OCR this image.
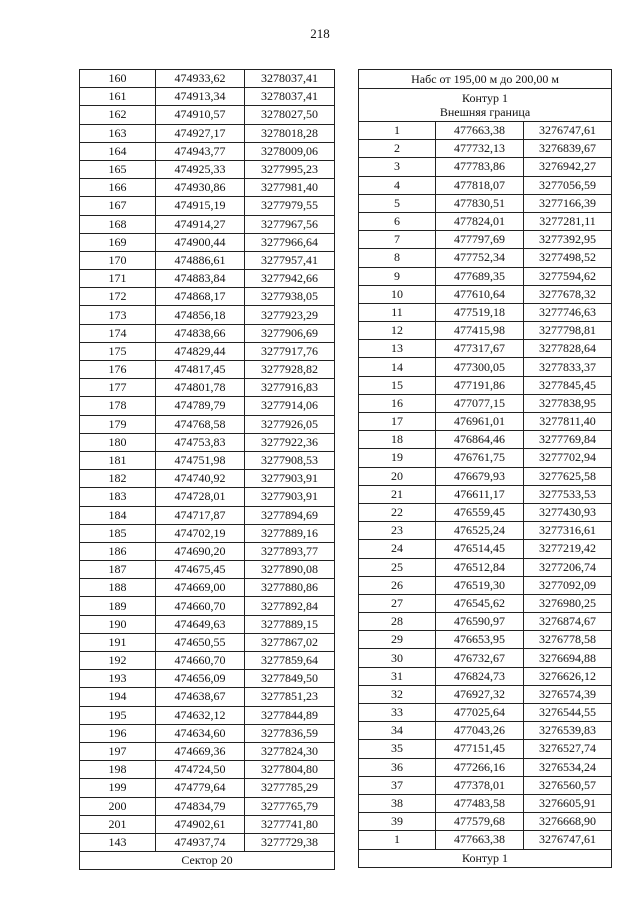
218
160	474933,62	3278037,41
161	474913,34	3278037,41
162	474910,57	3278027,50
163	474927,17	3278018,28
164	474943,77	3278009,06
165	474925,33	3277995,23
166	474930,86	3277981,40
167	474915,19	3277979,55
168	474914,27	3277967,56
169	474900,44	3277966,64
170	474886,61	3277957,41
171	474883,84	3277942,66
172	474868,17	3277938,05
173	474856,18	3277923,29
174	474838,66	3277906,69
175	474829,44	3277917,76
176	474817,45	3277928,82
177	474801,78	3277916,83
178	474789,79	3277914,06
179	474768,58	3277926,05
180	474753,83	3277922,36
181	474751,98	3277908,53
182	474740,92	3277903,91
183	474728,01	3277903,91
184	474717,87	3277894,69
185	474702,19	3277889,16
186	474690,20	3277893,77
187	474675,45	3277890,08
188	474669,00	3277880,86
189	474660,70	3277892,84
190	474649,63	3277889,15
191	474650,55	3277867,02
192	474660,70	3277859,64
193	474656,09	3277849,50
194	474638,67	3277851,23
195	474632,12	3277844,89
196	474634,60	3277836,59
197	474669,36	3277824,30
198	474724,50	3277804,80
199	474779,64	3277785,29
200	474834,79	3277765,79
201	474902,61	3277741,80
143	474937,74	3277729,38
Сектор 20		
Набс от 195,00 м до 200,00 м		

Контур 1
Внешняя граница		

1	477663,38	3276747,61
2	477732,13	3276839,67
3	477783,86	3276942,27
4	477818,07	3277056,59
5	477830,51	3277166,39
6	477824,01	3277281,11
7	477797,69	3277392,95
8	477752,34	3277498,52
9	477689,35	3277594,62
10	477610,64	3277678,32
11	477519,18	3277746,63
12	477415,98	3277798,81
13	477317,67	3277828,64
14	477300,05	3277833,37
15	477191,86	3277845,45
16	477077,15	3277838,95
17	476961,01	3277811,40
18	476864,46	3277769,84
19	476761,75	3277702,94
20	476679,93	3277625,58
21	476611,17	3277533,53
22	476559,45	3277430,93
23	476525,24	3277316,61
24	476514,45	3277219,42
25	476512,84	3277206,74
26	476519,30	3277092,09
27	476545,62	3276980,25
28	476590,97	3276874,67
29	476653,95	3276778,58
30	476732,67	3276694,88
31	476824,73	3276626,12
32	476927,32	3276574,39
33	477025,64	3276544,55
34	477043,26	3276539,83
35	477151,45	3276527,74
36	477266,16	3276534,24
37	477378,01	3276560,57
38	477483,58	3276605,91
39	477579,68	3276668,90
1	477663,38	3276747,61
Контур 1		
